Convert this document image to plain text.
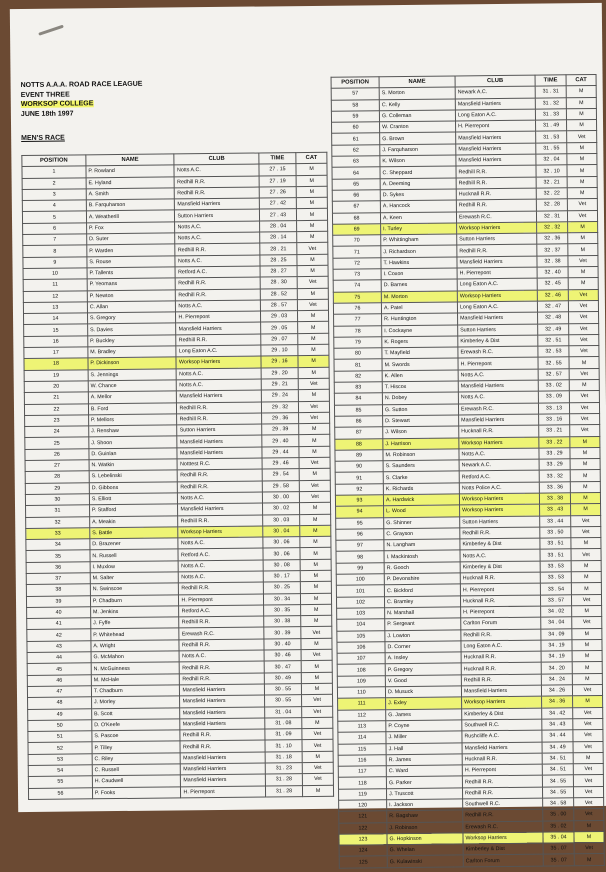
NOTTS A.A.A. ROAD RACE LEAGUE
EVENT THREE
WORKSOP COLLEGE
JUNE 18th 1997
MEN'S RACE
POSITION	NAME	CLUB	TIME	CAT
1	P. Rowland	Notts A.C.	27 . 15	M
2	E. Hyland	Redhill R.R.	27 . 19	M
3	A. Smith	Redhill R.R.	27 . 26	M
4	B. Farquharson	Mansfield Harriers	27 . 42	M
5	A. Weatherill	Sutton Harriers	27 . 43	M
6	P. Fox	Notts A.C.	28 . 04	M
7	D. Suter	Notts A.C.	28 . 14	M
8	P. Warden	Redhill R.R.	28 . 21	Vet
9	S. Rouse	Notts A.C.	28 . 25	M
10	P. Tallents	Retford A.C.	28 . 27	M
11	P. Yeomans	Redhill R.R.	28 . 30	Vet
12	P. Newton	Redhill R.R.	28 . 52	M
13	C. Allan	Notts A.C.	28 . 57	Vet
14	S. Gregory	H. Pierrepont	29 . 03	M
15	S. Davies	Mansfield Harriers	29 . 05	M
16	P. Buckley	Redhill R.R.	29 . 07	M
17	M. Bradley	Long Eaton A.C.	29 . 10	M
18	P. Dickinson	Worksop Harriers	29 . 16	M
19	S. Jennings	Notts A.C.	29 . 20	M
20	W. Chance	Notts A.C.	29 . 21	Vet
21	A. Mellor	Mansfield Harriers	29 . 24	M
22	B. Ford	Redhill R.R.	29 . 32	Vet
23	P. Mellors	Redhill R.R.	29 . 36	Vet
24	J. Renshaw	Sutton Harriers	29 . 39	M
25	J. Shoon	Mansfield Harriers	29 . 40	M
26	D. Guinlan	Mansfield Harriers	29 . 44	M
27	N. Watkin	Notttest R.C.	29 . 46	Vet
28	S. Lebelinski	Redhill R.R.	29 . 54	M
29	D. Gibbons	Redhill R.R.	29 . 58	Vet
30	S. Elliott	Notts A.C.	30 . 00	Vet
31	P. Stafford	Mansfield Harriers	30 . 02	M
32	A. Meakin	Redhill R.R.	30 . 03	M
33	S. Battle	Worksop Harriers	30 . 04	M
34	D. Brazener	Notts A.C.	30 . 06	M
35	N. Russell	Retford A.C.	30 . 06	M
36	I. Muxlow	Notts A.C.	30 . 08	M
37	M. Salter	Notts A.C.	30 . 17	M
38	N. Swinscoe	Redhill R.R.	30 . 25	M
39	P. Chadburn	H. Pierrepont	30 . 34	M
40	M. Jenkins	Retford A.C.	30 . 35	M
41	J. Fyffe	Redhill R.R.	30 . 38	M
42	P. Whitehead	Erewash R.C.	30 . 39	Vet
43	A. Wright	Redhill R.R.	30 . 40	M
44	G. McMahon	Notts A.C.	30 . 46	Vet
45	N. McGuinness	Redhill R.R.	30 . 47	M
46	M. McHale	Redhill R.R.	30 . 49	M
47	T. Chadburn	Mansfield Harriers	30 . 55	M
48	J. Morley	Mansfield Harriers	30 . 55	Vet
49	B. Scott	Mansfield Harriers	31 . 04	Vet
50	D. O'Keefe	Mansfield Harriers	31 . 08	M
51	S. Pascoe	Redhill R.R.	31 . 09	Vet
52	P. Tilley	Redhill R.R.	31 . 10	Vet
53	C. Riley	Mansfield Harriers	31 . 18	M
54	C. Russell	Mansfield Harriers	31 . 23	Vet
55	H. Caudwell	Mansfield Harriers	31 . 28	Vet
56	P. Fooks	H. Pierrepont	31 . 28	M
POSITION	NAME	CLUB	TIME	CAT
57	S. Morton	Newark A.C.	31 . 31	M
58	C. Kelly	Mansfield Harriers	31 . 32	M
59	G. Colleman	Long Eaton A.C.	31 . 33	M
60	W. Cranton	H. Pierrepont	31 . 49	M
61	G. Brown	Mansfield Harriers	31 . 53	Vet
62	J. Farquharson	Mansfield Harriers	31 . 55	M
63	K. Wilson	Mansfield Harriers	32 . 04	M
64	C. Sheppard	Redhill R.R.	32 . 10	M
65	A. Deeming	Redhill R.R.	32 . 21	M
66	D. Sykes	Hucknall R.R.	32 . 22	M
67	A. Hancock	Redhill R.R.	32 . 28	Vet
68	A. Keen	Erewash R.C.	32 . 31	Vet
69	I. Turley	Worksop Harriers	32 . 32	M
70	P. Whittingham	Sutton Harriers	32 . 36	M
71	J. Richardson	Redhill R.R.	32 . 37	M
72	T. Hawkins	Mansfield Harriers	32 . 38	Vet
73	I. Coxon	H. Pierrepont	32 . 40	M
74	D. Barnes	Long Eaton A.C.	32 . 45	M
75	M. Morton	Worksop Harriers	32 . 46	Vet
76	A. Patel	Long Eaton A.C.	32 . 47	Vet
77	R. Huntington	Mansfield Harriers	32 . 48	Vet
78	I. Cockayne	Sutton Harriers	32 . 49	Vet
79	K. Rogers	Kimberley & Dist	32 . 51	Vet
80	T. Mayfield	Erewash R.C.	32 . 53	Vet
81	M. Swords	H. Pierrepont	32 . 55	M
82	K. Allen	Notts A.C.	32 . 57	Vet
83	T. Hiscox	Mansfield Harriers	33 . 02	M
84	N. Dobey	Notts A.C.	33 . 09	Vet
85	G. Sutton	Erewash R.C.	33 . 13	Vet
86	D. Stewart	Mansfield Harriers	33 . 16	Vet
87	J. Wilson	Hucknall R.R.	33 . 21	Vet
88	J. Harrison	Worksop Harriers	33 . 22	M
89	M. Robinson	Notts A.C.	33 . 29	M
90	S. Saunders	Newark A.C.	33 . 29	M
91	S. Clarke	Retford A.C.	33 . 32	M
92	K. Richards	Notts Police A.C.	33 . 36	M
93	A. Hardwick	Worksop Harriers	33 . 38	M
94	L. Wood	Worksop Harriers	33 . 43	M
95	G. Shinner	Sutton Harriers	33 . 44	Vet
96	C. Grayson	Redhill R.R.	33 . 50	Vet
97	N. Langham	Kimberley & Dist	33 . 51	M
98	I. Mackintosh	Notts A.C.	33 . 51	Vet
99	R. Gooch	Kimberley & Dist	33 . 53	M
100	P. Devonshire	Hucknall R.R.	33 . 53	M
101	C. Bickford	H. Pierrepont	33 . 54	M
102	C. Bramley	Hucknall R.R.	33 . 57	Vet
103	N. Marshall	H. Pierrepont	34 . 02	M
104	P. Sergeant	Carlton Forum	34 . 04	Vet
105	J. Lowton	Redhill R.R.	34 . 09	M
106	D. Corner	Long Eaton A.C.	34 . 19	M
107	A. Insley	Hucknall R.R.	34 . 19	M
108	P. Gregory	Hucknall R.R.	34 . 20	M
109	V. Good	Redhill R.R.	34 . 24	M
110	D. Musuck	Mansfield Harriers	34 . 26	Vet
111	J. Exley	Worksop Harriers	34 . 36	M
112	G. James	Kimberley & Dist	34 . 42	Vet
113	P. Coyne	Southwell R.C.	34 . 43	Vet
114	J. Miller	Rushcliffe A.C.	34 . 44	Vet
115	J. Hall	Mansfield Harriers	34 . 49	Vet
116	R. James	Hucknall R.R.	34 . 51	M
117	C. Ward	H. Pierrepont	34 . 51	Vet
118	G. Parker	Redhill R.R.	34 . 55	Vet
119	J. Truscott	Redhill R.R.	34 . 55	Vet
120	I. Jackson	Southwell R.C.	34 . 58	Vet
121	R. Bagshaw	Redhill R.R.	35 . 00	Vet
122	J. Robinson	Erewash R.C.	35 . 02	M
123	G. Hopkinson	Worksop Harriers	35 . 04	M
124	G. Whelan	Kimberley & Dist	35 . 07	Vet
125	G. Kulawinski	Carlton Forum	35 . 07	M
